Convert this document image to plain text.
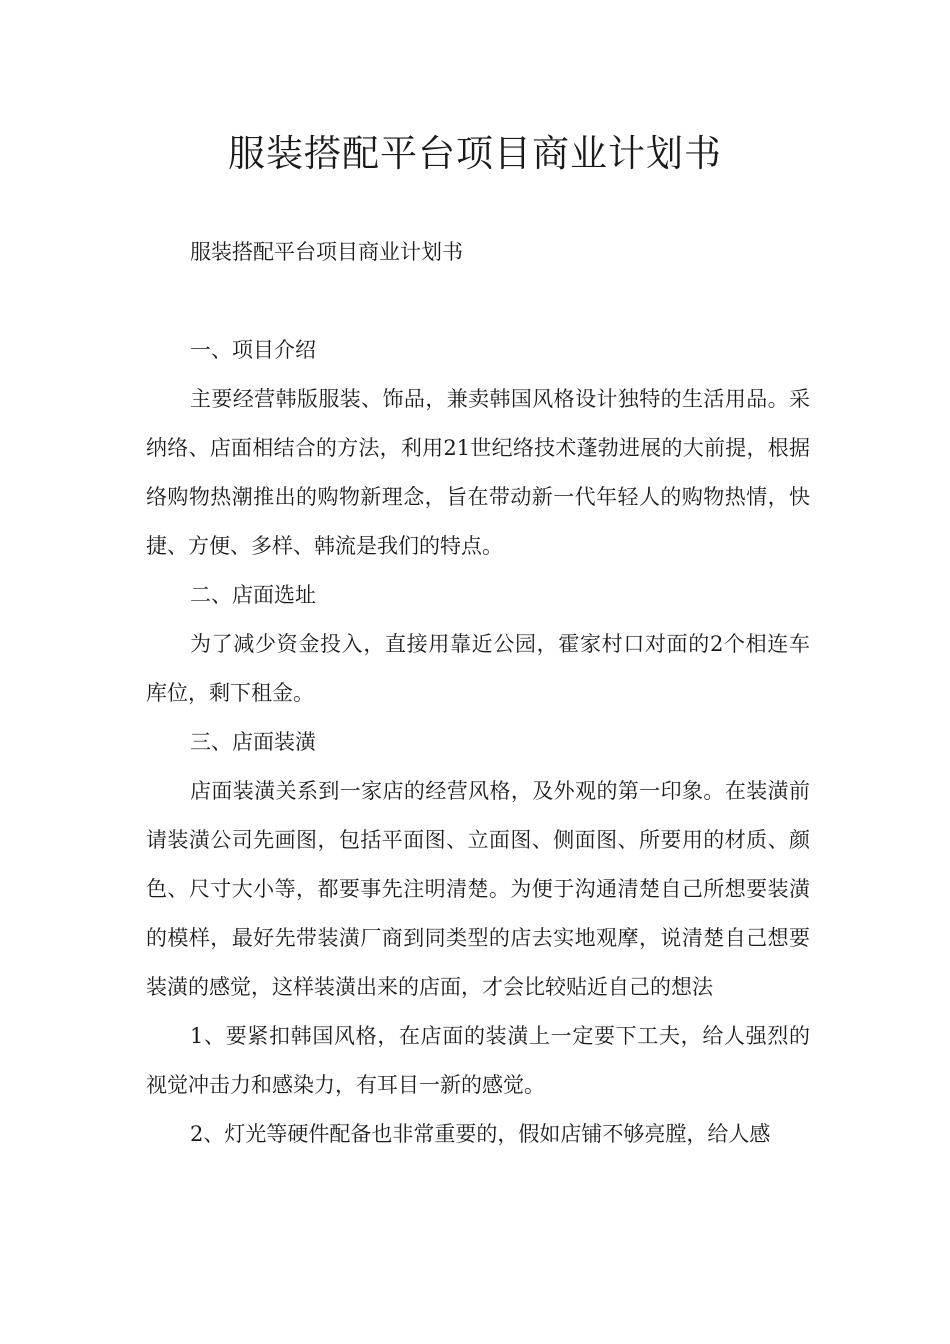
服装搭配平台项目商业计划书

服装搭配平台项目商业计划书

一、项目介绍

主要经营韩版服装、饰品，兼卖韩国风格设计独特的生活用品。采纳络、店面相结合的方法，利用21世纪络技术蓬勃进展的大前提，根据络购物热潮推出的购物新理念，旨在带动新一代年轻人的购物热情，快捷、方便、多样、韩流是我们的特点。

二、店面选址

为了减少资金投入，直接用靠近公园，霍家村口对面的2个相连车库位，剩下租金。

三、店面装潢

店面装潢关系到一家店的经营风格，及外观的第一印象。在装潢前请装潢公司先画图，包括平面图、立面图、侧面图、所要用的材质、颜色、尺寸大小等，都要事先注明清楚。为便于沟通清楚自己所想要装潢的模样，最好先带装潢厂商到同类型的店去实地观摩，说清楚自己想要装潢的感觉，这样装潢出来的店面，才会比较贴近自己的想法

1、要紧扣韩国风格，在店面的装潢上一定要下工夫，给人强烈的视觉冲击力和感染力，有耳目一新的感觉。

2、灯光等硬件配备也非常重要的，假如店铺不够亮膛，给人感
